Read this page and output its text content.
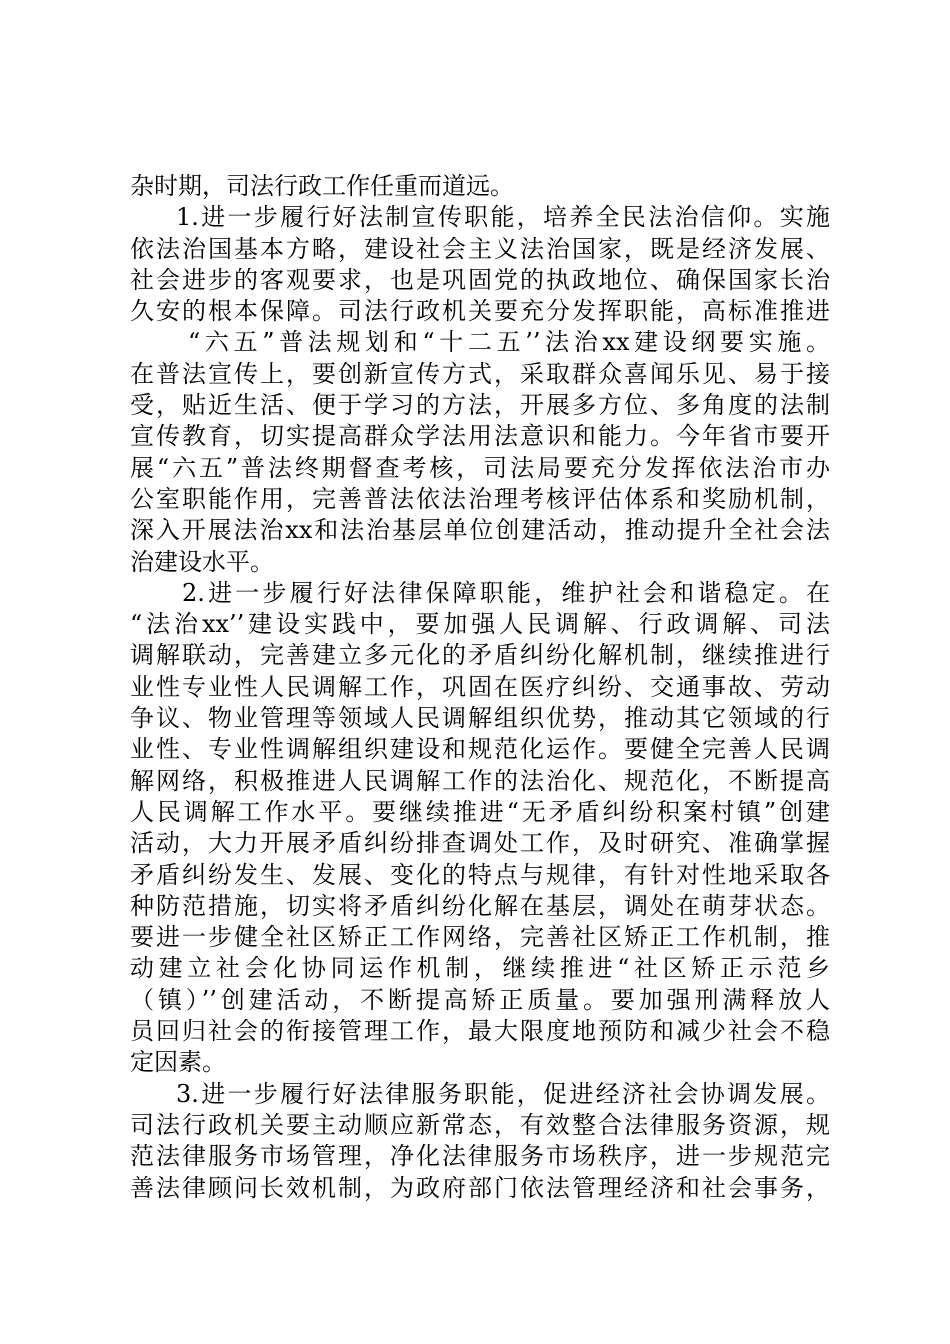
杂时期，司法行政工作任重而道远。
1.进一步履行好法制宣传职能，培养全民法治信仰。实施
依法治国基本方略，建设社会主义法治国家，既是经济发展、
社会进步的客观要求，也是巩固党的执政地位、确保国家长治
久安的根本保障。司法行政机关要充分发挥职能，高标准推进
“六五”普法规划和“十二五’’法治xx建设纲要实施。
在普法宣传上，要创新宣传方式，采取群众喜闻乐见、易于接
受，贴近生活、便于学习的方法，开展多方位、多角度的法制
宣传教育，切实提高群众学法用法意识和能力。今年省市要开
展“六五”普法终期督查考核，司法局要充分发挥依法治市办
公室职能作用，完善普法依法治理考核评估体系和奖励机制，
深入开展法治xx和法治基层单位创建活动，推动提升全社会法
治建设水平。
2.进一步履行好法律保障职能，维护社会和谐稳定。在
“法治xx’’建设实践中，要加强人民调解、行政调解、司法
调解联动，完善建立多元化的矛盾纠纷化解机制，继续推进行
业性专业性人民调解工作，巩固在医疗纠纷、交通事故、劳动
争议、物业管理等领域人民调解组织优势，推动其它领域的行
业性、专业性调解组织建设和规范化运作。要健全完善人民调
解网络，积极推进人民调解工作的法治化、规范化，不断提高
人民调解工作水平。要继续推进“无矛盾纠纷积案村镇”创建
活动，大力开展矛盾纠纷排查调处工作，及时研究、准确掌握
矛盾纠纷发生、发展、变化的特点与规律，有针对性地采取各
种防范措施，切实将矛盾纠纷化解在基层，调处在萌芽状态。
要进一步健全社区矫正工作网络，完善社区矫正工作机制，推
动建立社会化协同运作机制，继续推进“社区矫正示范乡
（镇）’’创建活动，不断提高矫正质量。要加强刑满释放人
员回归社会的衔接管理工作，最大限度地预防和减少社会不稳
定因素。
3.进一步履行好法律服务职能，促进经济社会协调发展。
司法行政机关要主动顺应新常态，有效整合法律服务资源，规
范法律服务市场管理，净化法律服务市场秩序，进一步规范完
善法律顾问长效机制，为政府部门依法管理经济和社会事务，
